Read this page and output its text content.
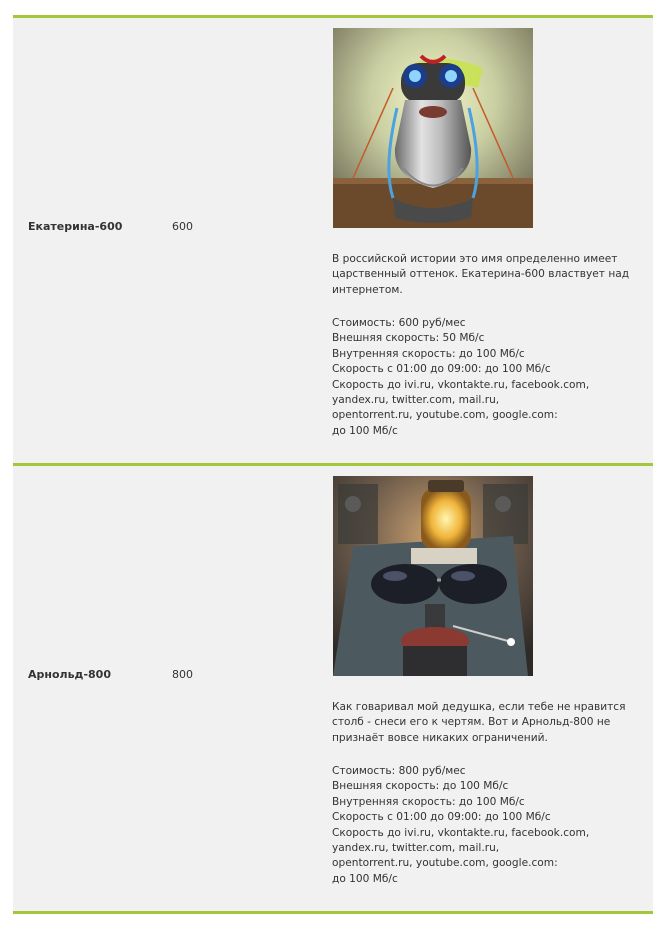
Екатерина-600	600
В российской истории это имя определенно имеет царственный оттенок. Екатерина-600 властвует над интернетом.
Стоимость: 600 руб/мес
Внешняя скорость: 50 Мб/с
Внутренняя скорость: до 100 Мб/с
Скорость с 01:00 до 09:00: до 100 Мб/с
Скорость до ivi.ru, vkontakte.ru, facebook.com,
yandex.ru, twitter.com, mail.ru,
opentorrent.ru, youtube.com, google.com:
до 100 Мб/с
Арнольд-800	800
Как говаривал мой дедушка, если тебе не нравится столб - снеси его к чертям. Вот и Арнольд-800 не признаёт вовсе никаких ограничений.
Стоимость: 800 руб/мес
Внешняя скорость: до 100 Мб/с
Внутренняя скорость: до 100 Мб/с
Скорость с 01:00 до 09:00: до 100 Мб/с
Скорость до ivi.ru, vkontakte.ru, facebook.com,
yandex.ru, twitter.com, mail.ru,
opentorrent.ru, youtube.com, google.com:
до 100 Мб/с
